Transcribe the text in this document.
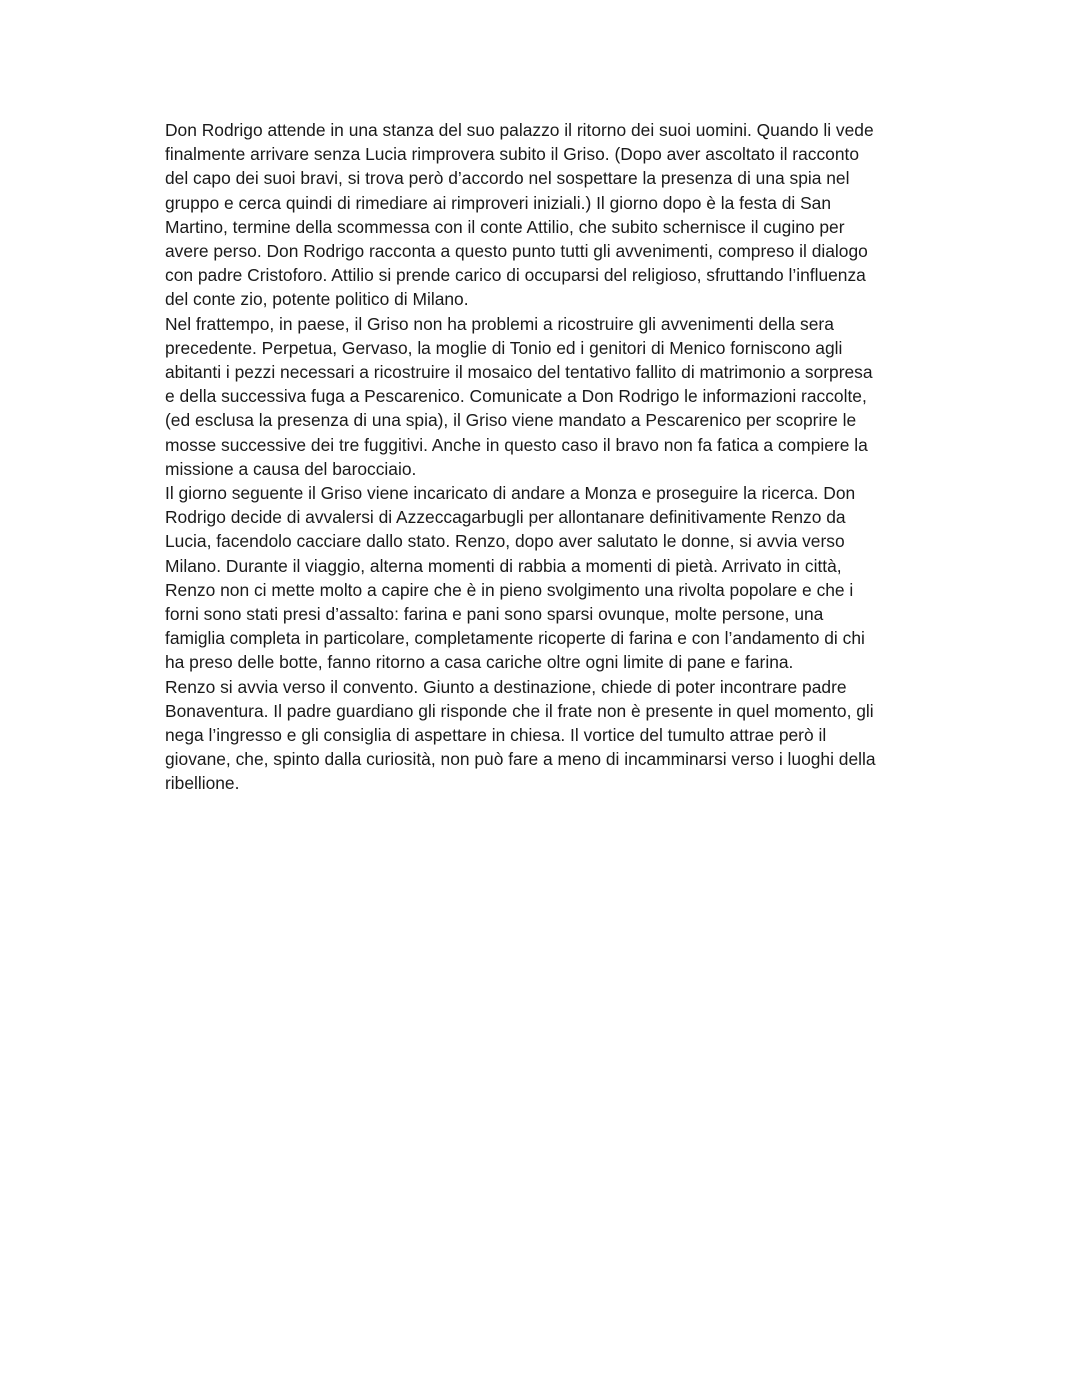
Don Rodrigo attende in una stanza del suo palazzo il ritorno dei suoi uomini. Quando li vede
finalmente arrivare senza Lucia rimprovera subito il Griso. (Dopo aver ascoltato il racconto
del capo dei suoi bravi, si trova però d’accordo nel sospettare la presenza di una spia nel
gruppo e cerca quindi di rimediare ai rimproveri iniziali.) Il giorno dopo è la festa di San
Martino, termine della scommessa con il conte Attilio, che subito schernisce il cugino per
avere perso. Don Rodrigo racconta a questo punto tutti gli avvenimenti, compreso il dialogo
con padre Cristoforo. Attilio si prende carico di occuparsi del religioso, sfruttando l’influenza
del conte zio, potente politico di Milano.
Nel frattempo, in paese, il Griso non ha problemi a ricostruire gli avvenimenti della sera
precedente. Perpetua, Gervaso, la moglie di Tonio ed i genitori di Menico forniscono agli
abitanti i pezzi necessari a ricostruire il mosaico del tentativo fallito di matrimonio a sorpresa
e della successiva fuga a Pescarenico. Comunicate a Don Rodrigo le informazioni raccolte,
(ed esclusa la presenza di una spia), il Griso viene mandato a Pescarenico per scoprire le
mosse successive dei tre fuggitivi. Anche in questo caso il bravo non fa fatica a compiere la
missione a causa del barocciaio.
Il giorno seguente il Griso viene incaricato di andare a Monza e proseguire la ricerca. Don
Rodrigo decide di avvalersi di Azzeccagarbugli per allontanare definitivamente Renzo da
Lucia, facendolo cacciare dallo stato. Renzo, dopo aver salutato le donne, si avvia verso
Milano. Durante il viaggio, alterna momenti di rabbia a momenti di pietà. Arrivato in città,
Renzo non ci mette molto a capire che è in pieno svolgimento una rivolta popolare e che i
forni sono stati presi d’assalto: farina e pani sono sparsi ovunque, molte persone, una
famiglia completa in particolare, completamente ricoperte di farina e con l’andamento di chi
ha preso delle botte, fanno ritorno a casa cariche oltre ogni limite di pane e farina.
Renzo si avvia verso il convento. Giunto a destinazione, chiede di poter incontrare padre
Bonaventura. Il padre guardiano gli risponde che il frate non è presente in quel momento, gli
nega l’ingresso e gli consiglia di aspettare in chiesa. Il vortice del tumulto attrae però il
giovane, che, spinto dalla curiosità, non può fare a meno di incamminarsi verso i luoghi della
ribellione.
